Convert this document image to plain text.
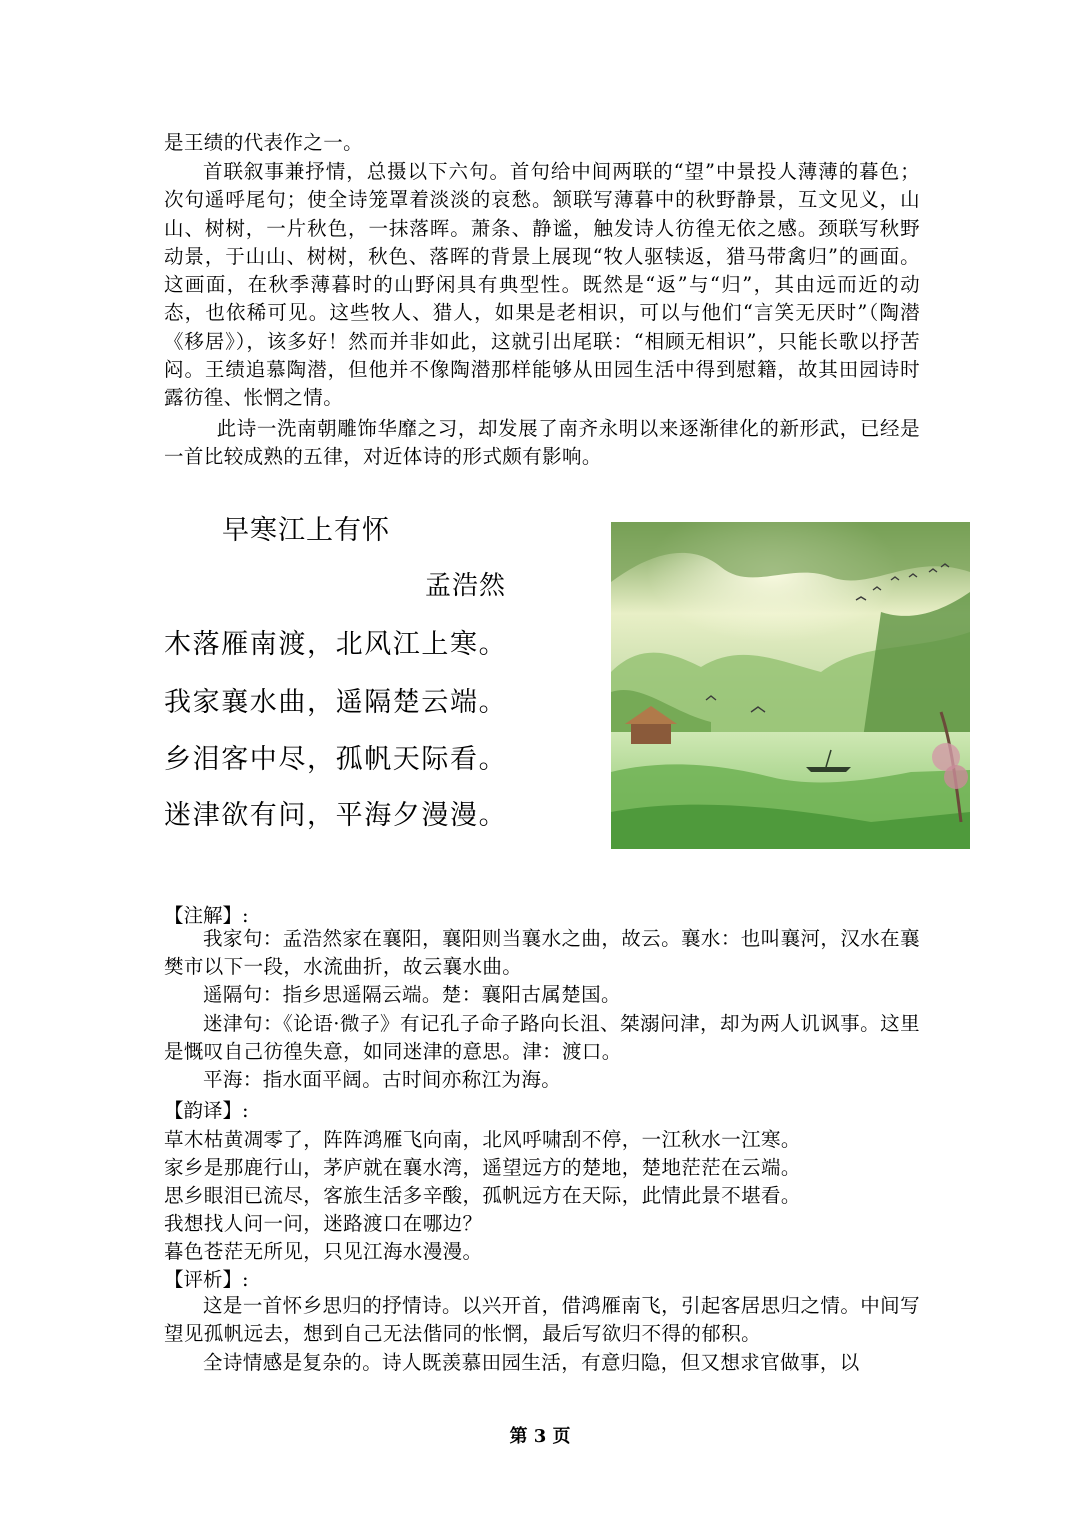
是王绩的代表作之一。

首联叙事兼抒情，总摄以下六句。首句给中间两联的“望”中景投人薄薄的暮色；次句遥呼尾句；使全诗笼罩着淡淡的哀愁。颔联写薄暮中的秋野静景，互文见义，山山、树树，一片秋色，一抹落晖。萧条、静谧，触发诗人彷徨无依之感。颈联写秋野动景，于山山、树树，秋色、落晖的背景上展现“牧人驱犊返，猎马带禽归”的画面。这画面，在秋季薄暮时的山野闲具有典型性。既然是“返”与“归”，其由远而近的动态，也依稀可见。这些牧人、猎人，如果是老相识，可以与他们“言笑无厌时”（陶潜《移居》），该多好！然而并非如此，这就引出尾联：“相顾无相识”，只能长歌以抒苦闷。王绩追慕陶潜，但他并不像陶潜那样能够从田园生活中得到慰籍，故其田园诗时露彷徨、怅惘之情。

此诗一洗南朝雕饰华靡之习，却发展了南齐永明以来逐渐律化的新形武，已经是一首比较成熟的五律，对近体诗的形式颇有影响。

早寒江上有怀
孟浩然
木落雁南渡，北风江上寒。
我家襄水曲，遥隔楚云端。
乡泪客中尽，孤帆天际看。
迷津欲有问，平海夕漫漫。
【注解】:

我家句：孟浩然家在襄阳，襄阳则当襄水之曲，故云。襄水：也叫襄河，汉水在襄樊市以下一段，水流曲折，故云襄水曲。

遥隔句：指乡思遥隔云端。楚：襄阳古属楚国。

迷津句：《论语·微子》有记孔子命子路向长沮、桀溺问津，却为两人讥讽事。这里是慨叹自己彷徨失意，如同迷津的意思。津：渡口。

平海：指水面平阔。古时间亦称江为海。

【韵译】:
草木枯黄凋零了，阵阵鸿雁飞向南，北风呼啸刮不停，一江秋水一江寒。
家乡是那鹿行山，茅庐就在襄水湾，遥望远方的楚地，楚地茫茫在云端。
思乡眼泪已流尽，客旅生活多辛酸，孤帆远方在天际，此情此景不堪看。
我想找人问一问，迷路渡口在哪边？
暮色苍茫无所见，只见江海水漫漫。
【评析】:

这是一首怀乡思归的抒情诗。以兴开首，借鸿雁南飞，引起客居思归之情。中间写望见孤帆远去，想到自己无法偕同的怅惘，最后写欲归不得的郁积。

全诗情感是复杂的。诗人既羡慕田园生活，有意归隐，但又想求官做事，以

第 3 页
